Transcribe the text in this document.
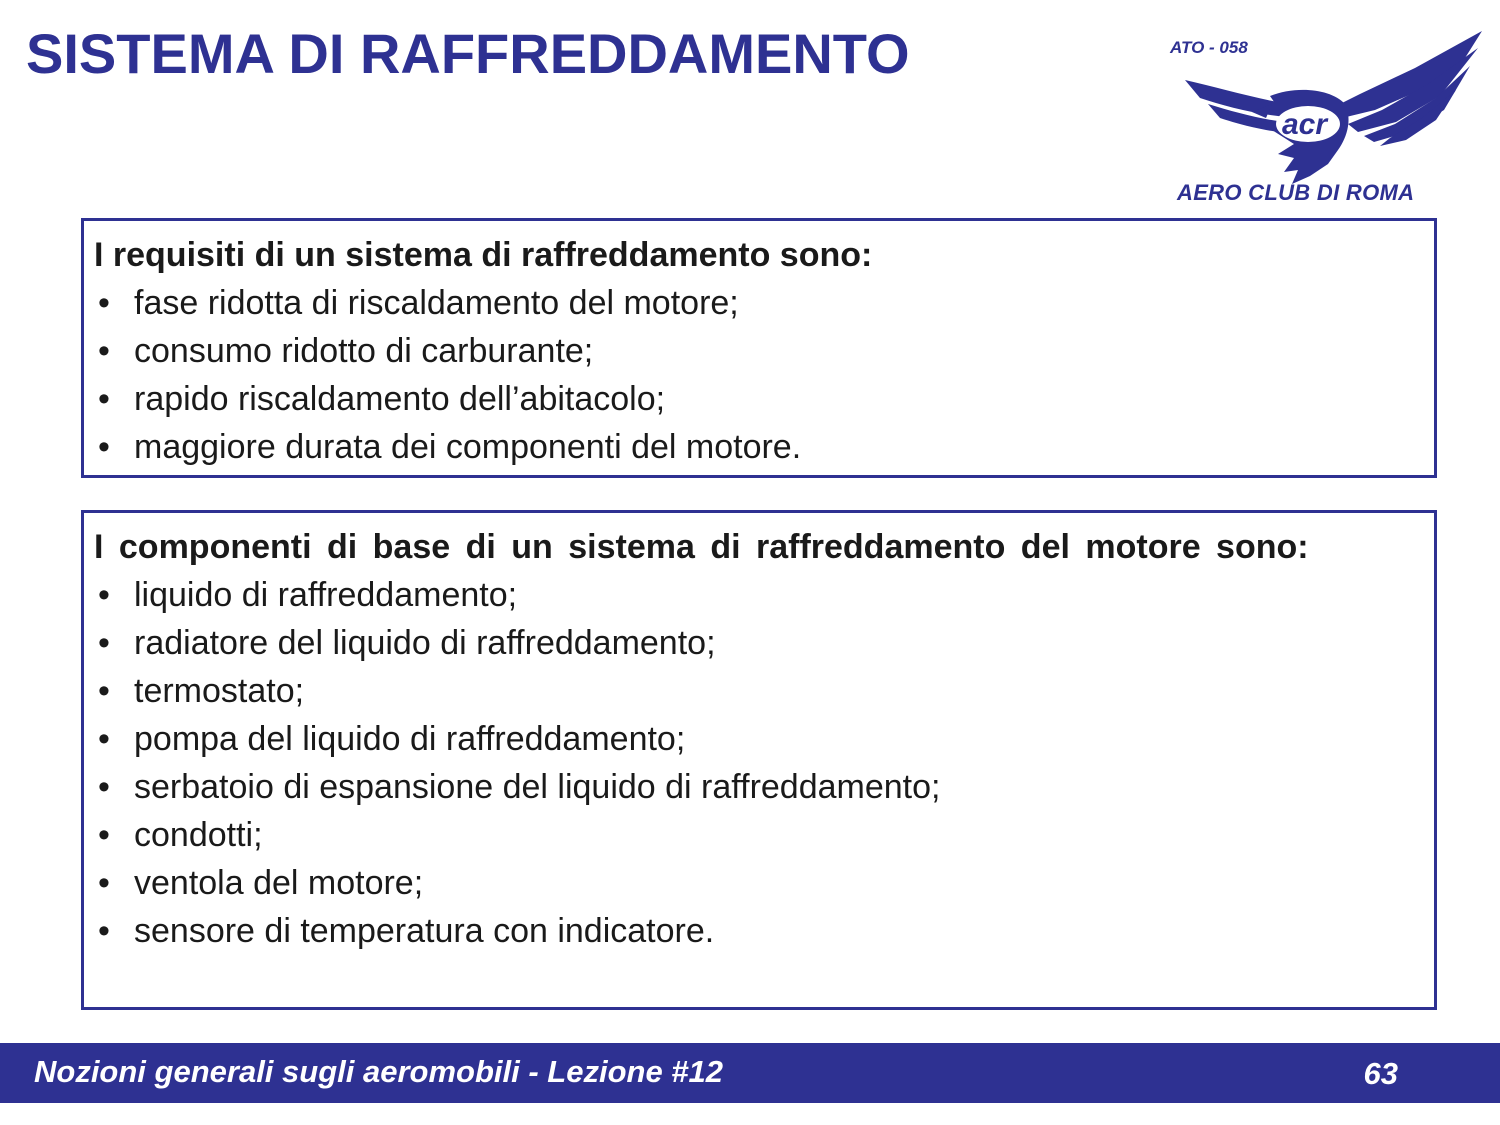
SISTEMA DI RAFFREDDAMENTO
acr
ATO - 058
AERO CLUB DI ROMA

I requisiti di un sistema di raffreddamento sono:

• fase ridotta di riscaldamento del motore;
• consumo ridotto di carburante;
• rapido riscaldamento dell’abitacolo;
• maggiore durata dei componenti del motore.

I componenti di base di un sistema di raffreddamento del motore sono:

• liquido di raffreddamento;
• radiatore del liquido di raffreddamento;
• termostato;
• pompa del liquido di raffreddamento;
• serbatoio di espansione del liquido di raffreddamento;
• condotti;
• ventola del motore;
• sensore di temperatura con indicatore.
Nozioni generali sugli aeromobili - Lezione #12	63
